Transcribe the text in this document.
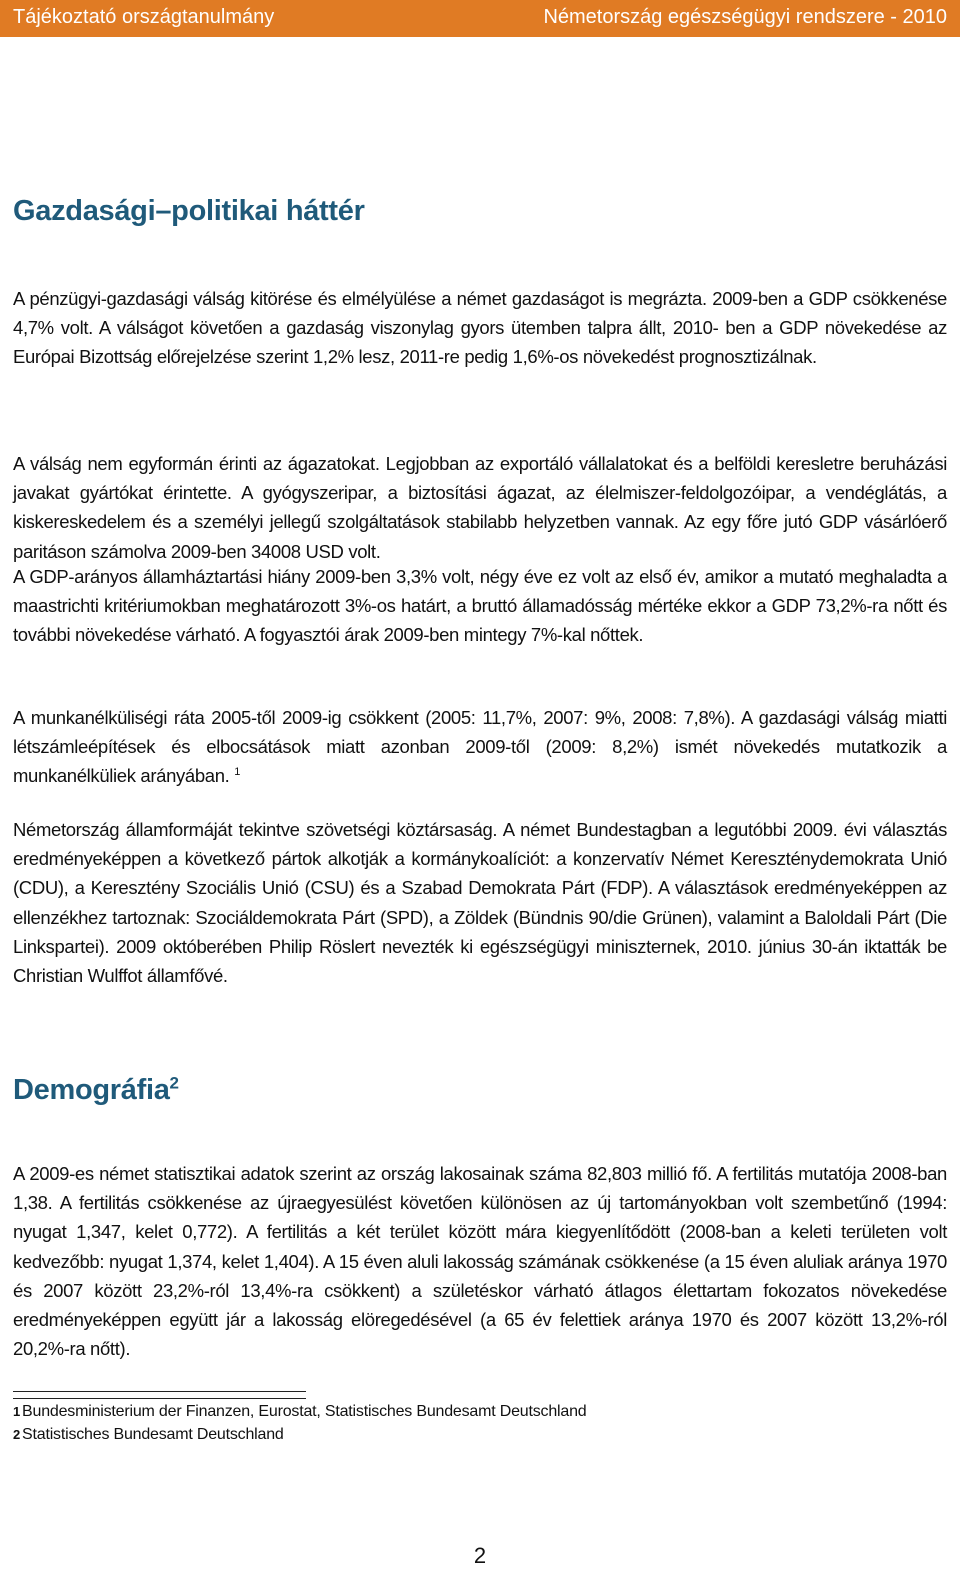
Tájékoztató országtanulmány	Németország egészségügyi rendszere - 2010
Gazdasági–politikai háttér

A pénzügyi-gazdasági válság kitörése és elmélyülése a német gazdaságot is megrázta. 2009-ben a GDP csökkenése 4,7% volt. A válságot követően a gazdaság viszonylag gyors ütemben talpra állt, 2010- ben a GDP növekedése az Európai Bizottság előrejelzése szerint 1,2% lesz, 2011-re pedig 1,6%-os növekedést prognosztizálnak.

A válság nem egyformán érinti az ágazatokat. Legjobban az exportáló vállalatokat és a belföldi keresletre beruházási javakat gyártókat érintette. A gyógyszeripar, a biztosítási ágazat, az élelmiszer-feldolgozóipar, a vendéglátás, a kiskereskedelem és a személyi jellegű szolgáltatások stabilabb helyzetben vannak. Az egy főre jutó GDP vásárlóerő paritáson számolva 2009-ben 34008 USD volt.

A GDP-arányos államháztartási hiány 2009-ben 3,3% volt, négy éve ez volt az első év, amikor a mutató meghaladta a maastrichti kritériumokban meghatározott 3%-os határt, a bruttó államadósság mértéke ekkor a GDP 73,2%-ra nőtt és további növekedése várható. A fogyasztói árak 2009-ben mintegy 7%-kal nőttek.

A munkanélküliségi ráta 2005-től 2009-ig csökkent (2005: 11,7%, 2007: 9%, 2008: 7,8%). A gazdasági válság miatti létszámleépítések és elbocsátások miatt azonban 2009-től (2009: 8,2%) ismét növekedés mutatkozik a munkanélküliek arányában. $^1$

Németország államformáját tekintve szövetségi köztársaság. A német Bundestagban a legutóbbi 2009. évi választás eredményeképpen a következő pártok alkotják a kormánykoalíciót: a konzervatív Német Kereszténydemokrata Unió (CDU), a Keresztény Szociális Unió (CSU) és a Szabad Demokrata Párt (FDP). A választások eredményeképpen az ellenzékhez tartoznak: Szociáldemokrata Párt (SPD), a Zöldek (Bündnis 90/die Grünen), valamint a Baloldali Párt (Die Linkspartei). 2009 októberében Philip Röslert nevezték ki egészségügyi miniszternek, 2010. június 30-án iktatták be Christian Wulffot államfővé.

Demográfia$^2$

A 2009-es német statisztikai adatok szerint az ország lakosainak száma 82,803 millió fő. A fertilitás mutatója 2008-ban 1,38. A fertilitás csökkenése az újraegyesülést követően különösen az új tartományokban volt szembetűnő (1994: nyugat 1,347, kelet 0,772). A fertilitás a két terület között mára kiegyenlítődött (2008-ban a keleti területen volt kedvezőbb: nyugat 1,374, kelet 1,404). A 15 éven aluli lakosság számának csökkenése (a 15 éven aluliak aránya 1970 és 2007 között 23,2%-ról 13,4%-ra csökkent) a születéskor várható átlagos élettartam fokozatos növekedése eredményeképpen együtt jár a lakosság elöregedésével (a 65 év felettiek aránya 1970 és 2007 között 13,2%-ról 20,2%-ra nőtt).

1 Bundesministerium der Finanzen, Eurostat, Statistisches Bundesamt Deutschland
2 Statistisches Bundesamt Deutschland
2
